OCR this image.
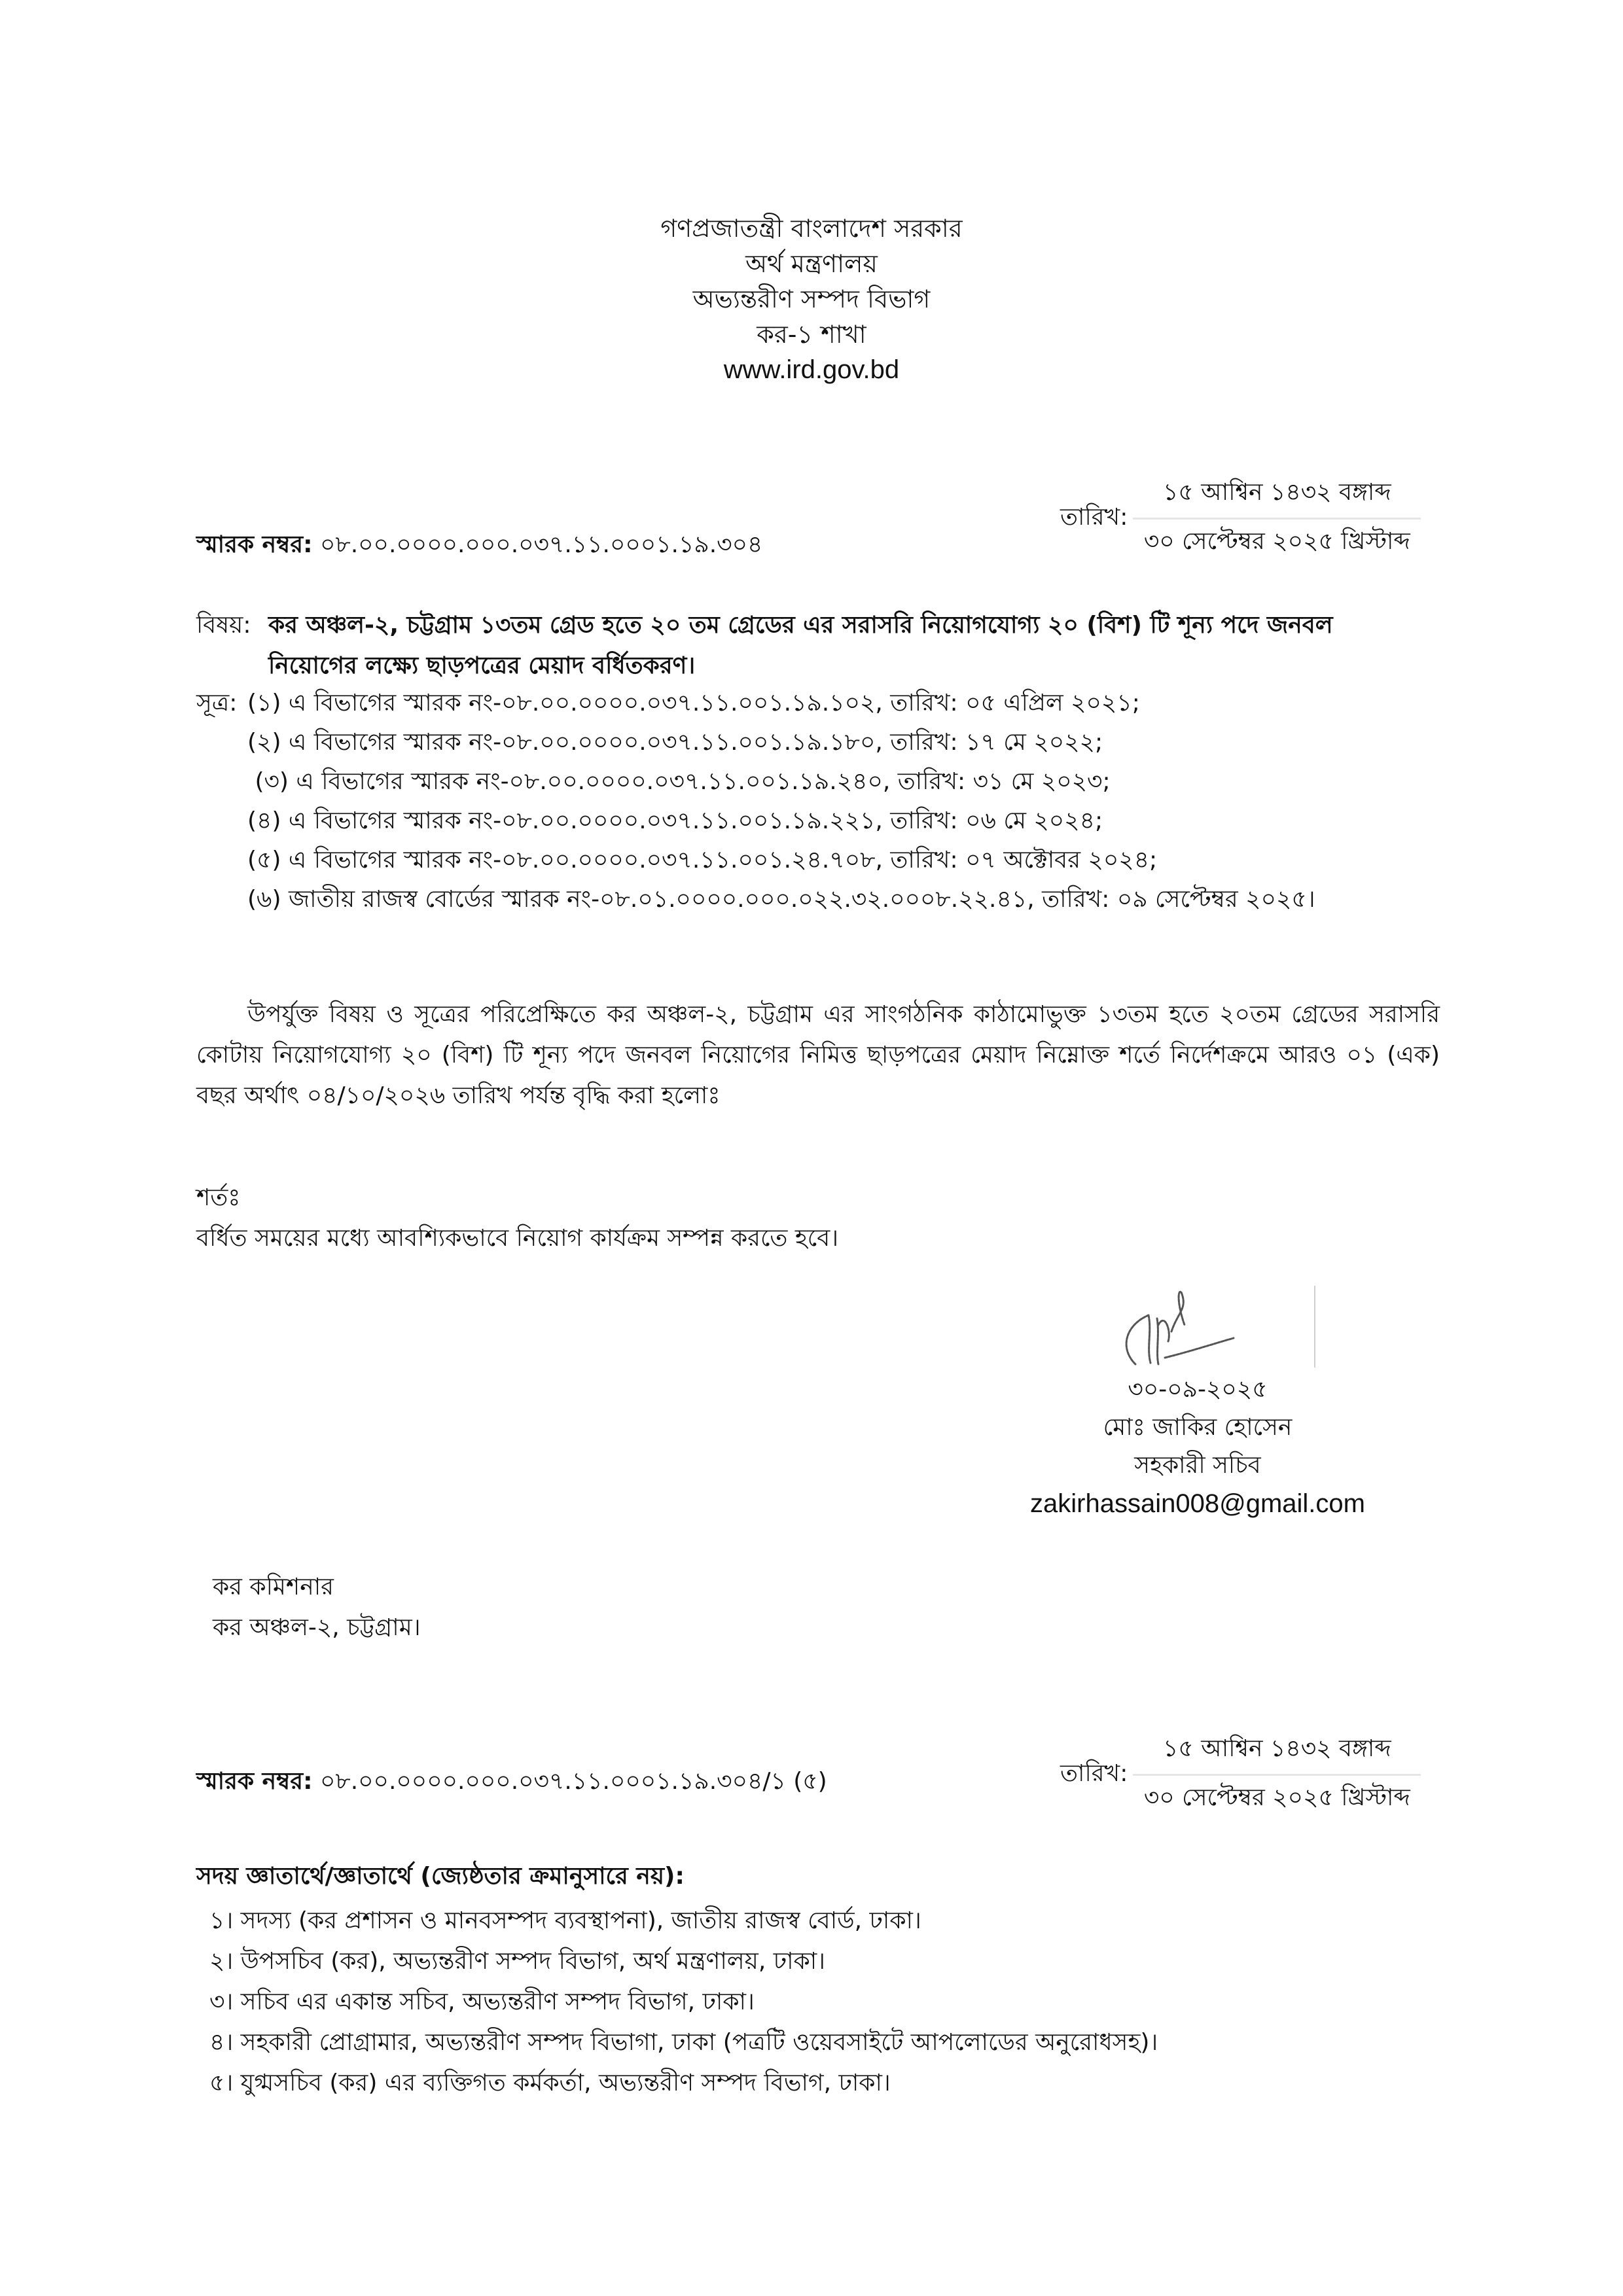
গণপ্রজাতন্ত্রী বাংলাদেশ সরকার
অর্থ মন্ত্রণালয়
অভ্যন্তরীণ সম্পদ বিভাগ
কর-১ শাখা
www.ird.gov.bd
স্মারক নম্বর: ০৮.০০.০০০০.০০০.০৩৭.১১.০০০১.১৯.৩০৪
তারিখ:
১৫ আশ্বিন ১৪৩২ বঙ্গাব্দ
৩০ সেপ্টেম্বর ২০২৫ খ্রিস্টাব্দ
বিষয়: কর অঞ্চল-২, চট্টগ্রাম ১৩তম গ্রেড হতে ২০ তম গ্রেডের এর সরাসরি নিয়োগযোগ্য ২০ (বিশ) টি শূন্য পদে জনবল
নিয়োগের লক্ষ্যে ছাড়পত্রের মেয়াদ বর্ধিতকরণ।
সূত্র: (১) এ বিভাগের স্মারক নং-০৮.০০.০০০০.০৩৭.১১.০০১.১৯.১০২, তারিখ: ০৫ এপ্রিল ২০২১;
(২) এ বিভাগের স্মারক নং-০৮.০০.০০০০.০৩৭.১১.০০১.১৯.১৮০, তারিখ: ১৭ মে ২০২২;
(৩) এ বিভাগের স্মারক নং-০৮.০০.০০০০.০৩৭.১১.০০১.১৯.২৪০, তারিখ: ৩১ মে ২০২৩;
(৪) এ বিভাগের স্মারক নং-০৮.০০.০০০০.০৩৭.১১.০০১.১৯.২২১, তারিখ: ০৬ মে ২০২৪;
(৫) এ বিভাগের স্মারক নং-০৮.০০.০০০০.০৩৭.১১.০০১.২৪.৭০৮, তারিখ: ০৭ অক্টোবর ২০২৪;
(৬) জাতীয় রাজস্ব বোর্ডের স্মারক নং-০৮.০১.০০০০.০০০.০২২.৩২.০০০৮.২২.৪১, তারিখ: ০৯ সেপ্টেম্বর ২০২৫।
উপর্যুক্ত বিষয় ও সূত্রের পরিপ্রেক্ষিতে কর অঞ্চল-২, চট্টগ্রাম এর সাংগঠনিক কাঠামোভুক্ত ১৩তম হতে ২০তম গ্রেডের সরাসরি কোটায় নিয়োগযোগ্য ২০ (বিশ) টি শূন্য পদে জনবল নিয়োগের নিমিত্ত ছাড়পত্রের মেয়াদ নিম্নোক্ত শর্তে নির্দেশক্রমে আরও ০১ (এক) বছর অর্থাৎ ০৪/১০/২০২৬ তারিখ পর্যন্ত বৃদ্ধি করা হলোঃ
শর্তঃ
বর্ধিত সময়ের মধ্যে আবশ্যিকভাবে নিয়োগ কার্যক্রম সম্পন্ন করতে হবে।
৩০-০৯-২০২৫
মোঃ জাকির হোসেন
সহকারী সচিব
zakirhassain008@gmail.com
কর কমিশনার
কর অঞ্চল-২, চট্টগ্রাম।
স্মারক নম্বর: ০৮.০০.০০০০.০০০.০৩৭.১১.০০০১.১৯.৩০৪/১ (৫)	তারিখ:
১৫ আশ্বিন ১৪৩২ বঙ্গাব্দ
৩০ সেপ্টেম্বর ২০২৫ খ্রিস্টাব্দ
সদয় জ্ঞাতার্থে/জ্ঞাতার্থে (জ্যেষ্ঠতার ক্রমানুসারে নয়):
১। সদস্য (কর প্রশাসন ও মানবসম্পদ ব্যবস্থাপনা), জাতীয় রাজস্ব বোর্ড, ঢাকা।
২। উপসচিব (কর), অভ্যন্তরীণ সম্পদ বিভাগ, অর্থ মন্ত্রণালয়, ঢাকা।
৩। সচিব এর একান্ত সচিব, অভ্যন্তরীণ সম্পদ বিভাগ, ঢাকা।
৪। সহকারী প্রোগ্রামার, অভ্যন্তরীণ সম্পদ বিভাগা, ঢাকা (পত্রটি ওয়েবসাইটে আপলোডের অনুরোধসহ)।
৫। যুগ্মসচিব (কর) এর ব্যক্তিগত কর্মকর্তা, অভ্যন্তরীণ সম্পদ বিভাগ, ঢাকা।
